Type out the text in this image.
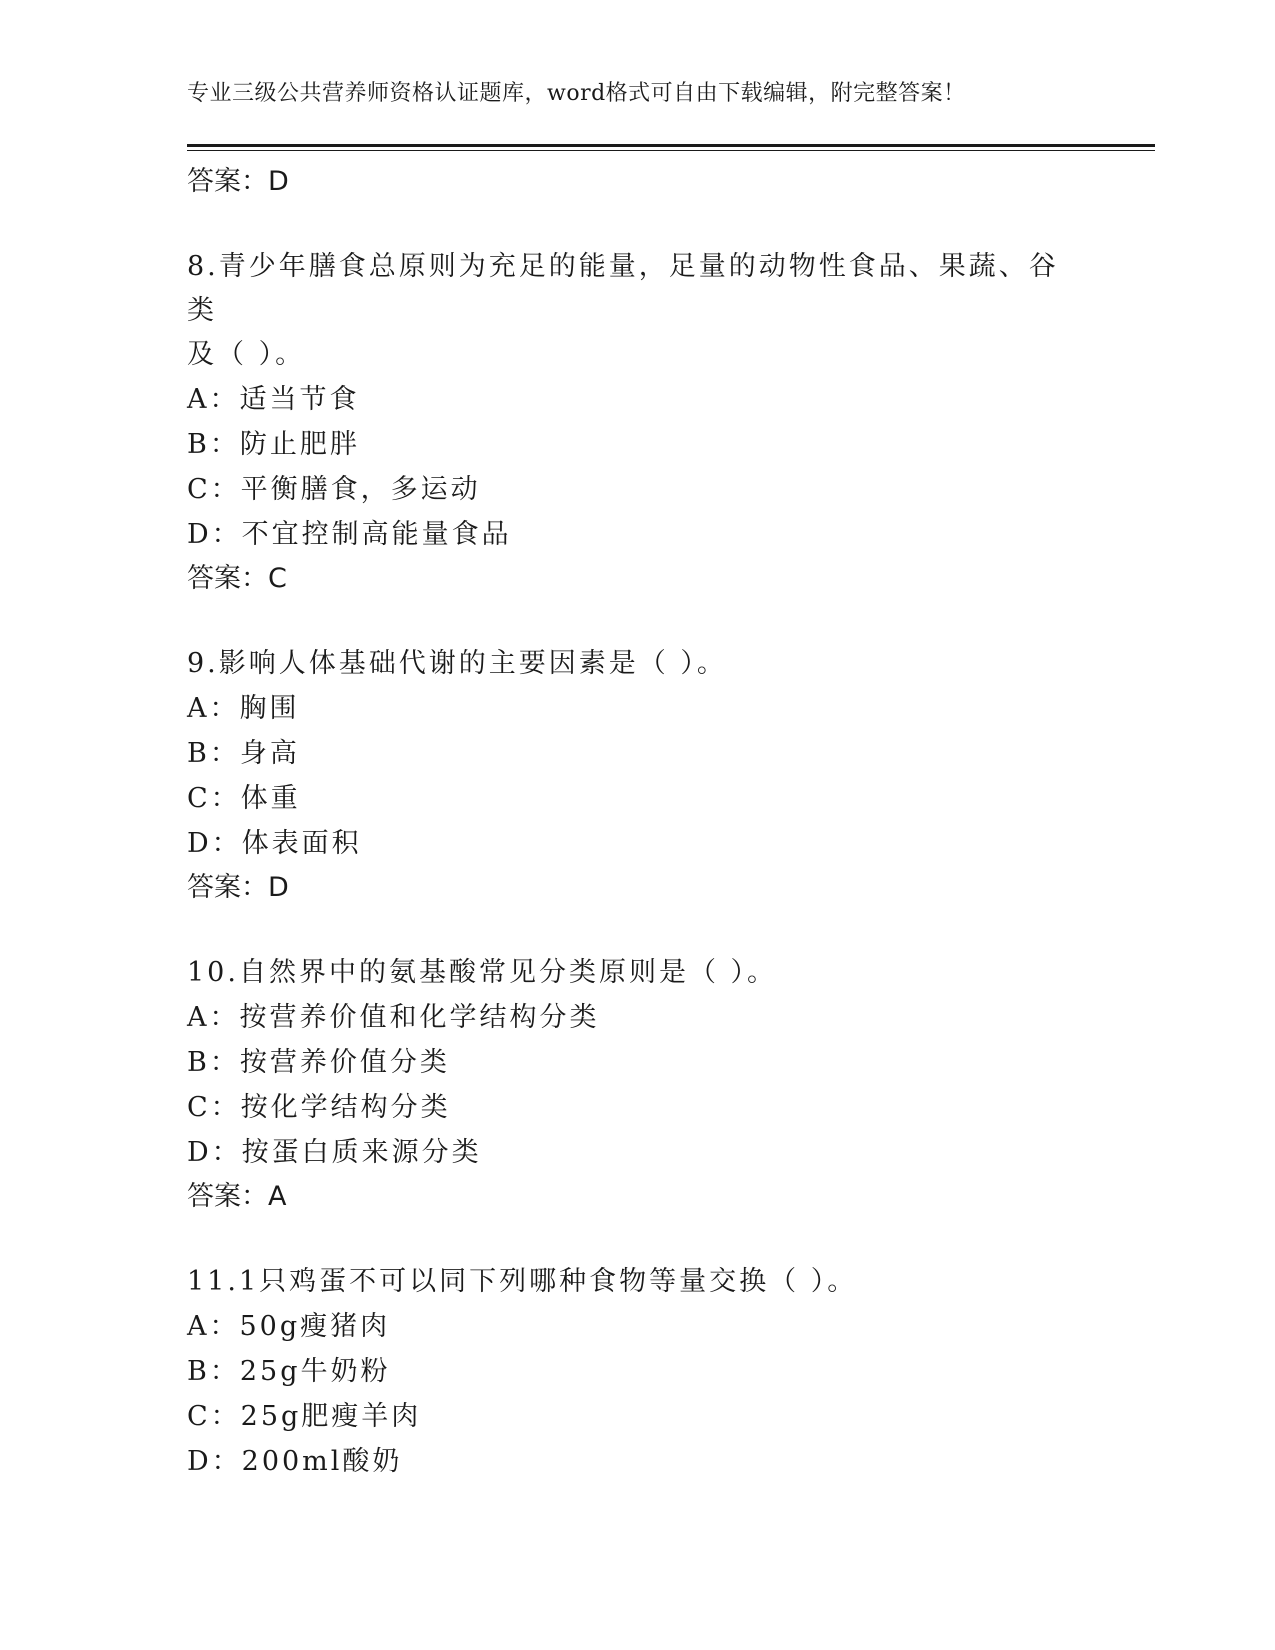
专业三级公共营养师资格认证题库，word格式可自由下载编辑，附完整答案！
答案：D
8.青少年膳食总原则为充足的能量，足量的动物性食品、果蔬、谷类
及（ ）。
A：适当节食
B：防止肥胖
C：平衡膳食，多运动
D：不宜控制高能量食品
答案：C
9.影响人体基础代谢的主要因素是（ ）。
A：胸围
B：身高
C：体重
D：体表面积
答案：D
10.自然界中的氨基酸常见分类原则是（ ）。
A：按营养价值和化学结构分类
B：按营养价值分类
C：按化学结构分类
D：按蛋白质来源分类
答案：A
11.1只鸡蛋不可以同下列哪种食物等量交换（ ）。
A：50g瘦猪肉
B：25g牛奶粉
C：25g肥瘦羊肉
D：200ml酸奶
